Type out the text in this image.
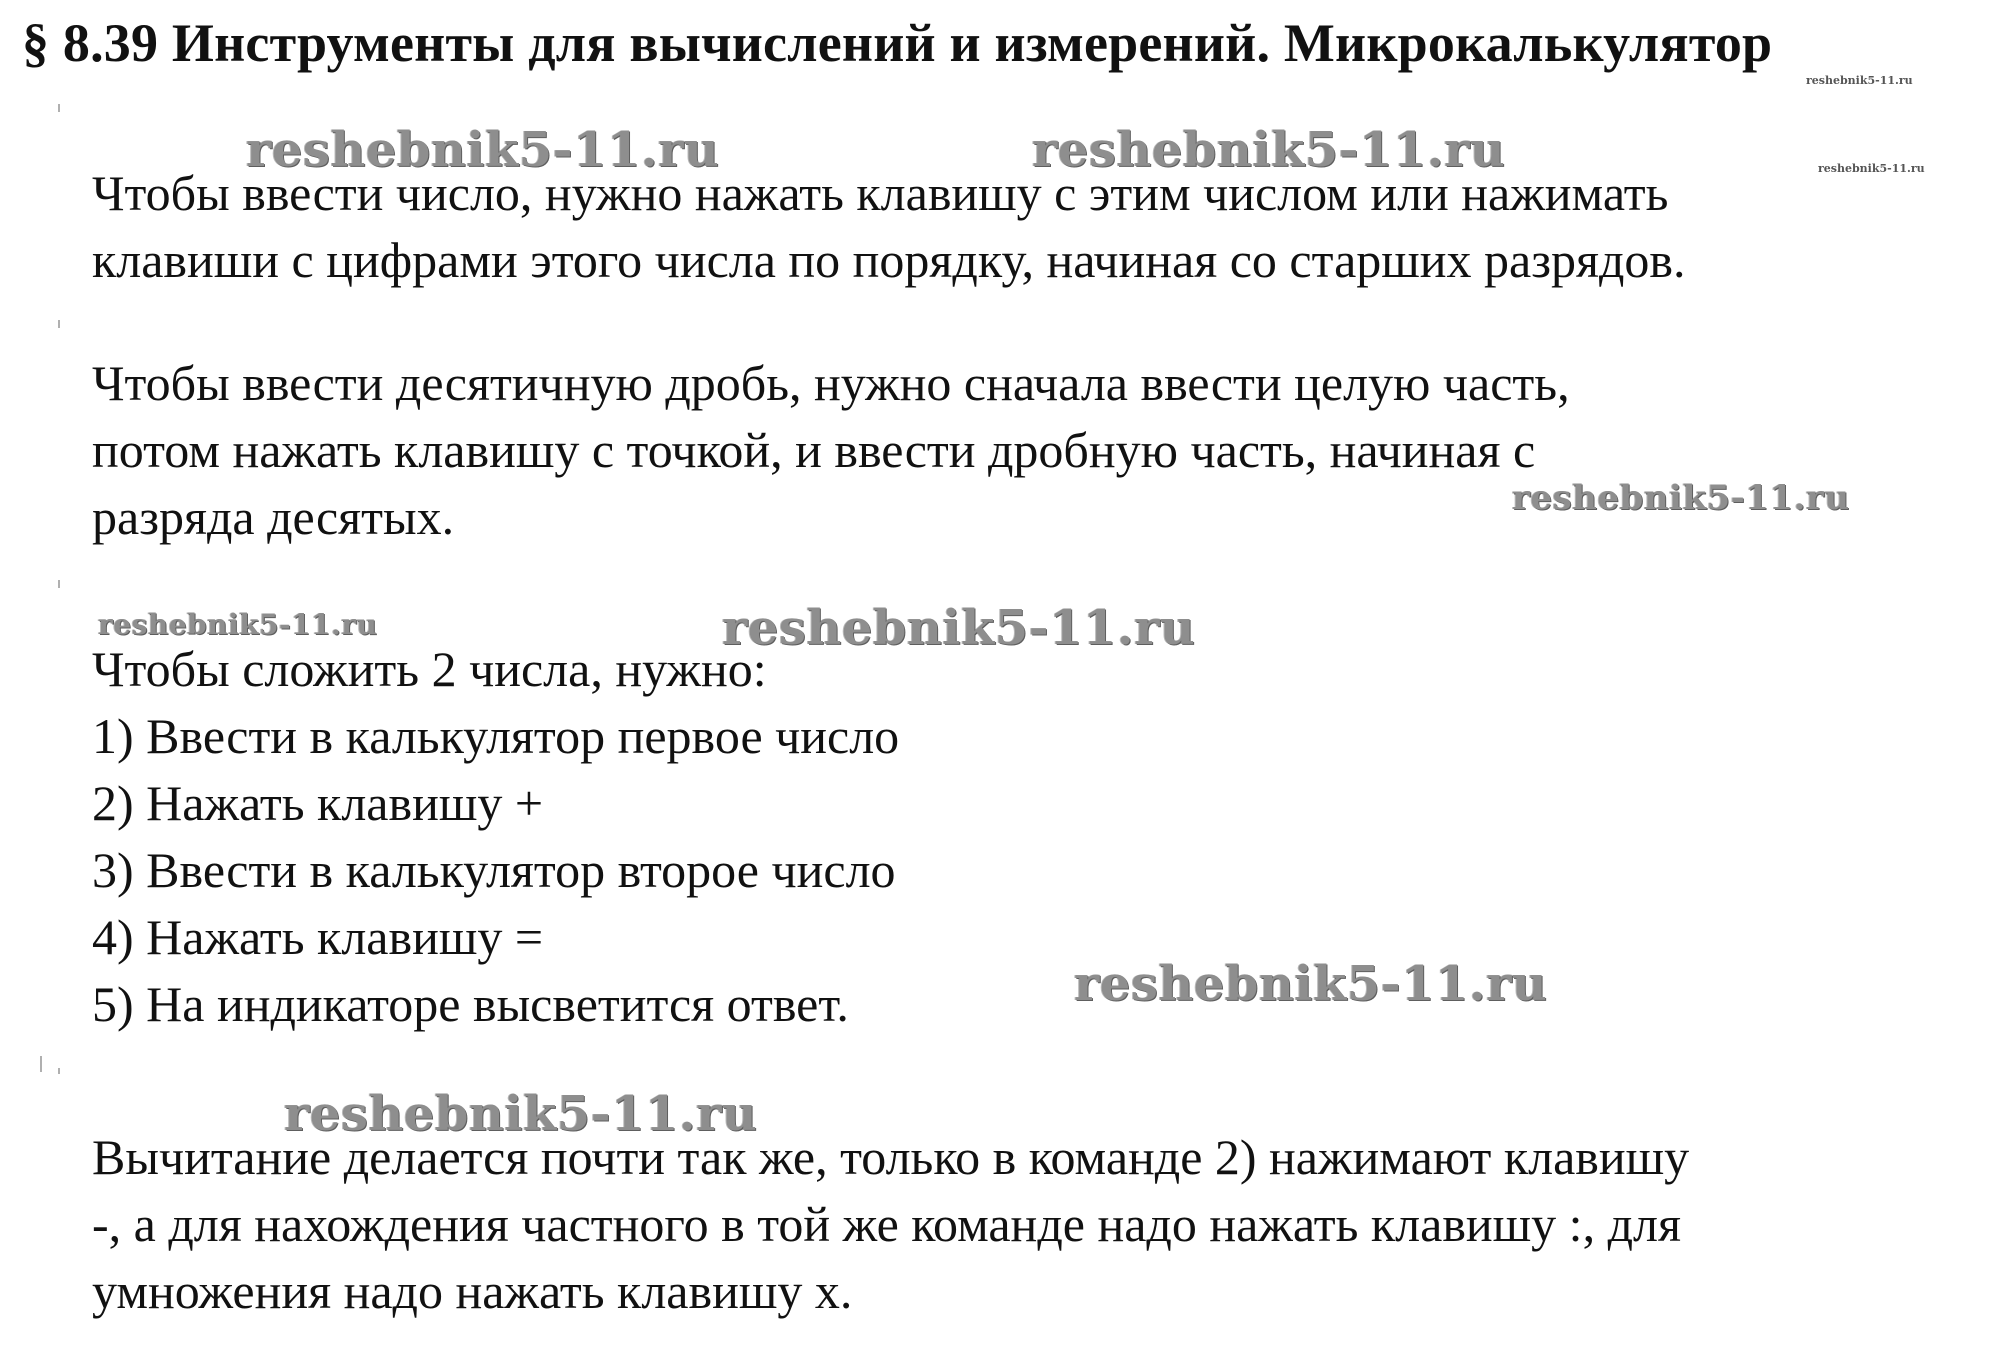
§ 8.39 Инструменты для вычислений и измерений. Микрокалькулятор

Чтобы ввести число, нужно нажать клавишу с этим числом или нажимать

клавиши с цифрами этого числа по порядку, начиная со старших разрядов.

Чтобы ввести десятичную дробь, нужно сначала ввести целую часть,

потом нажать клавишу с точкой, и ввести дробную часть, начиная с

разряда десятых.

Чтобы сложить 2 числа, нужно:

1) Ввести в калькулятор первое число

2) Нажать клавишу +

3) Ввести в калькулятор второе число

4) Нажать клавишу =

5) На индикаторе высветится ответ.

Вычитание делается почти так же, только в команде 2) нажимают клавишу

-, а для нахождения частного в той же команде надо нажать клавишу :, для

умножения надо нажать клавишу х.

reshebnik5-11.ru	reshebnik5-11.ru
reshebnik5-11.ru
reshebnik5-11.ru	reshebnik5-11.ru
reshebnik5-11.ru
reshebnik5-11.ru
reshebnik5-11.ru
reshebnik5-11.ru
